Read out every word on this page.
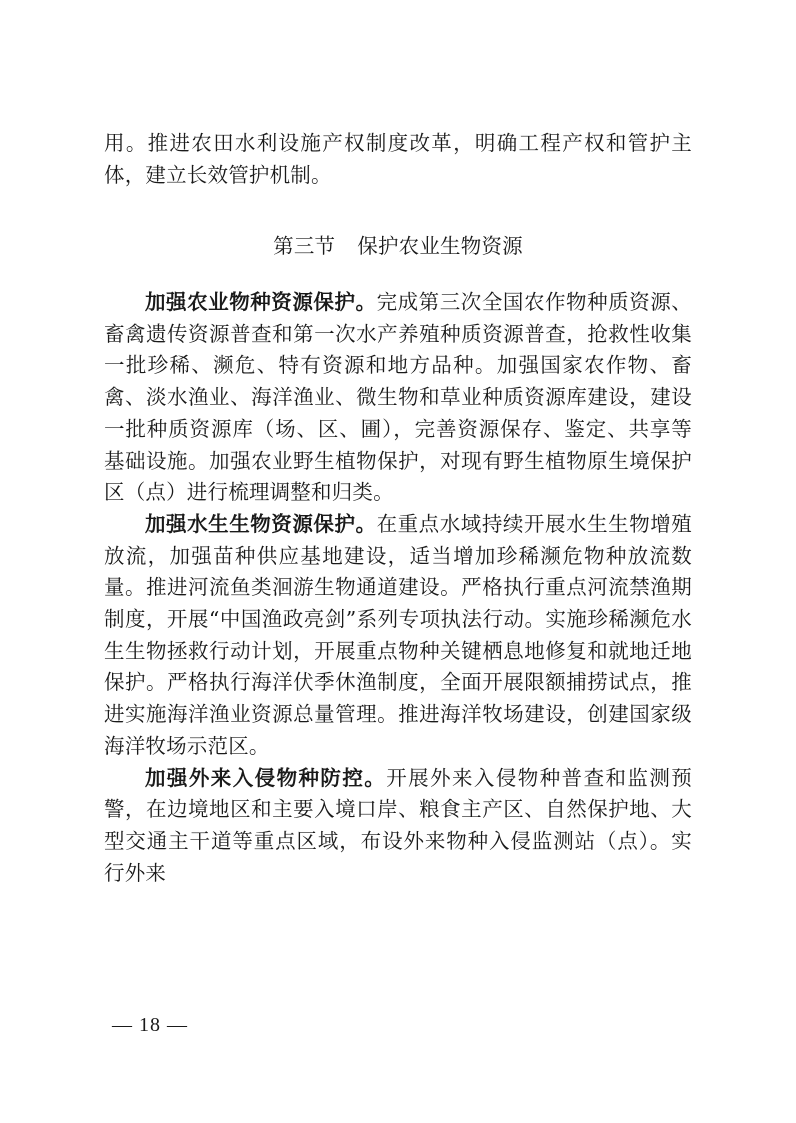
用。推进农田水利设施产权制度改革，明确工程产权和管护主体，建立长效管护机制。

第三节 保护农业生物资源

加强农业物种资源保护。完成第三次全国农作物种质资源、畜禽遗传资源普查和第一次水产养殖种质资源普查，抢救性收集一批珍稀、濒危、特有资源和地方品种。加强国家农作物、畜禽、淡水渔业、海洋渔业、微生物和草业种质资源库建设，建设一批种质资源库（场、区、圃），完善资源保存、鉴定、共享等基础设施。加强农业野生植物保护，对现有野生植物原生境保护区（点）进行梳理调整和归类。

加强水生生物资源保护。在重点水域持续开展水生生物增殖放流，加强苗种供应基地建设，适当增加珍稀濒危物种放流数量。推进河流鱼类洄游生物通道建设。严格执行重点河流禁渔期制度，开展“中国渔政亮剑”系列专项执法行动。实施珍稀濒危水生生物拯救行动计划，开展重点物种关键栖息地修复和就地迁地保护。严格执行海洋伏季休渔制度，全面开展限额捕捞试点，推进实施海洋渔业资源总量管理。推进海洋牧场建设，创建国家级海洋牧场示范区。

加强外来入侵物种防控。开展外来入侵物种普查和监测预警，在边境地区和主要入境口岸、粮食主产区、自然保护地、大型交通主干道等重点区域，布设外来物种入侵监测站（点）。实行外来

— 18 —
